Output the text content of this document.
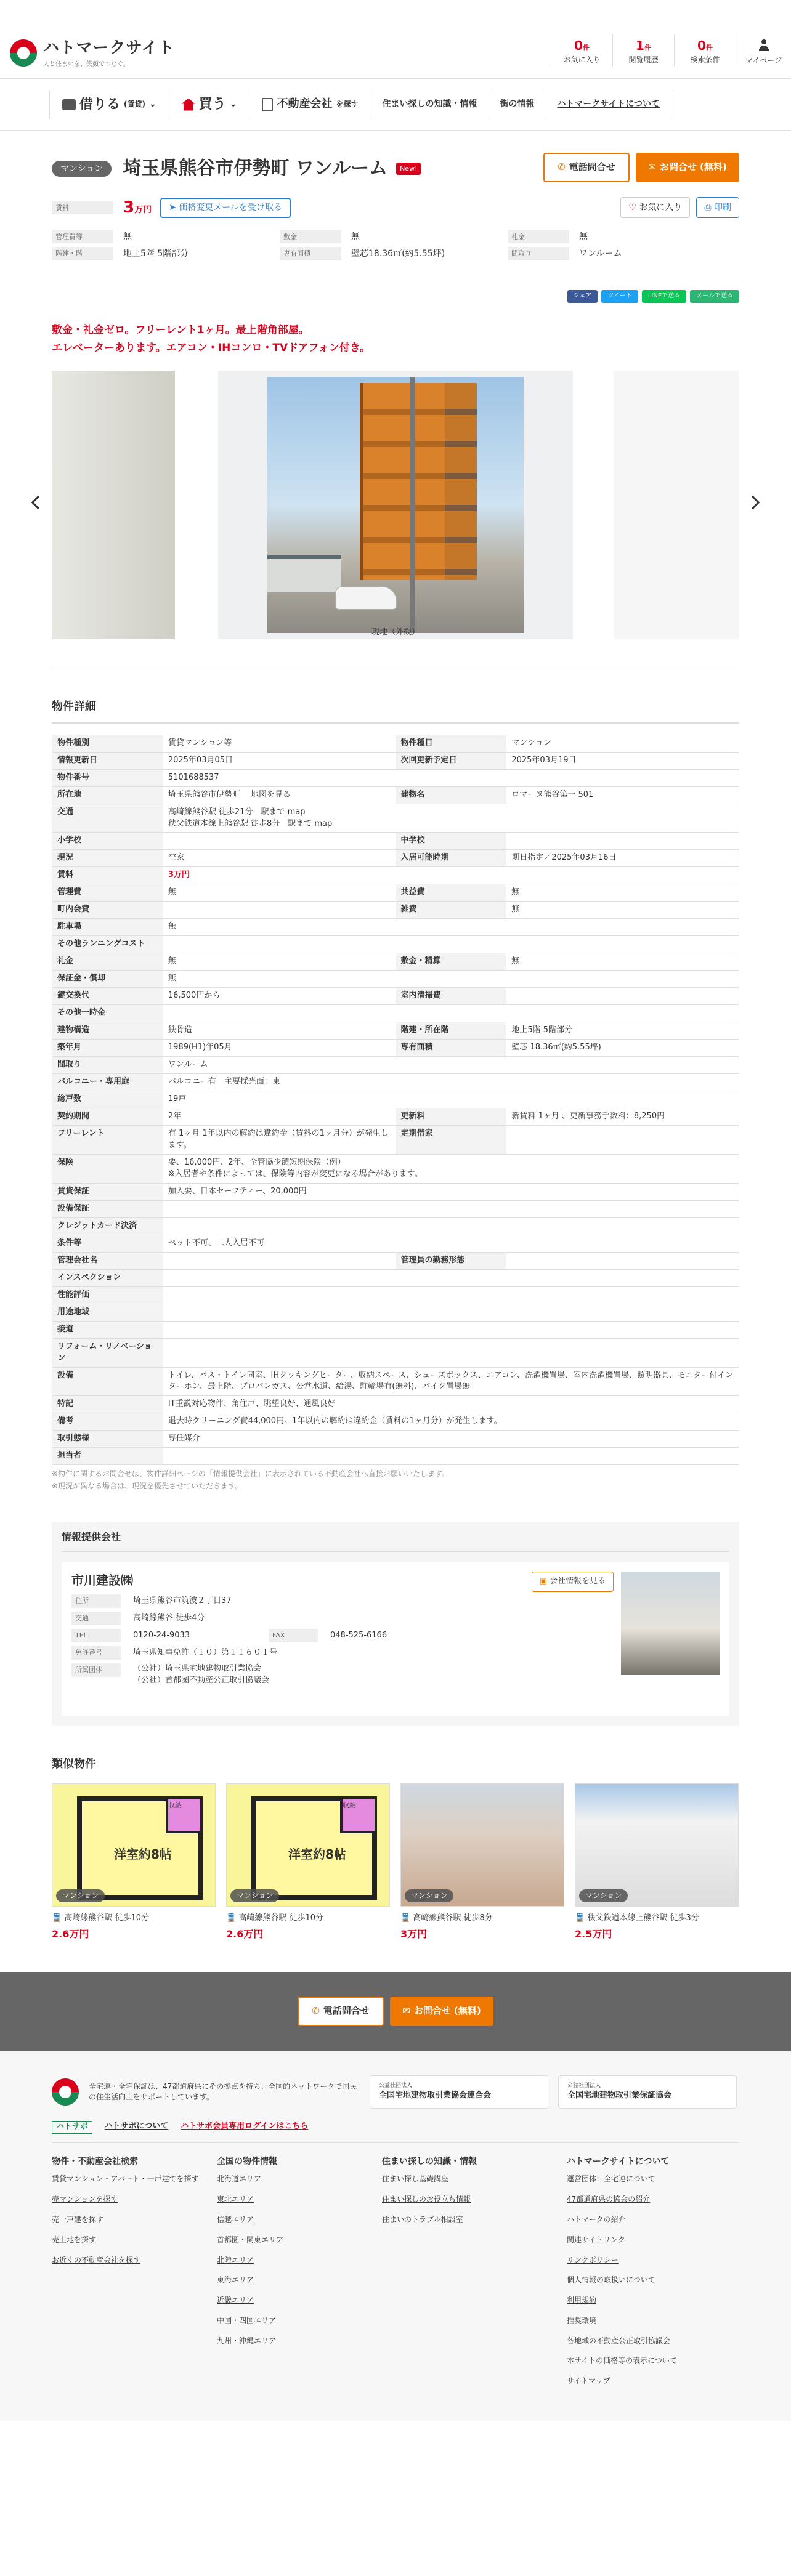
ハトマークサイト
人と住まいを、笑顔でつなぐ。
0件
お気に入り
1件
閲覧履歴
0件
検索条件	マイページ
借りる (賃貸) ⌄	買う ⌄	不動産会社 を探す	住まい探しの知識・情報	街の情報	ハトマークサイトについて
マンション	埼玉県熊谷市伊勢町 ワンルーム	New!	✆ 電話問合せ	✉ お問合せ (無料)
賃料	3万円	➤ 価格変更メールを受け取る	♡ お気に入り	⎙ 印刷
管理費等	無	敷金	無	礼金	無
階建・階	地上5階 5階部分	専有面積	壁芯18.36㎡(約5.55坪)	間取り	ワンルーム
シェア	ツイート	LINEで送る	メールで送る
敷金・礼金ゼロ。フリーレント1ヶ月。最上階角部屋。
エレベーターあります。エアコン・IHコンロ・TVドアフォン付き。
現地（外観）
物件詳細
物件種別	賃貸マンション等	物件種目	マンション
情報更新日	2025年03月05日	次回更新予定日	2025年03月19日
物件番号	5101688537		
所在地	埼玉県熊谷市伊勢町 　地図を見る	建物名	ロマーヌ熊谷第一 501
交通	高崎線熊谷駅 徒歩21分　駅まで map
秩父鉄道本線上熊谷駅 徒歩8分　駅まで map		
小学校		中学校	
現況	空家	入居可能時期	期日指定／2025年03月16日
賃料	3万円		
管理費	無	共益費	無
町内会費		雑費	無
駐車場	無		
その他ランニングコスト			
礼金	無	敷金・精算	無
保証金・償却	無		
鍵交換代	16,500円から	室内清掃費	
その他一時金			
建物構造	鉄骨造	階建・所在階	地上5階 5階部分
築年月	1989(H1)年05月	専有面積	壁芯 18.36㎡(約5.55坪)
間取り	ワンルーム		
バルコニー・専用庭	バルコニー有　主要採光面：東		
総戸数	19戸		
契約期間	2年	更新料	新賃料 1ヶ月 、更新事務手数料：8,250円
フリーレント	有 1ヶ月 1年以内の解約は違約金（賃料の1ヶ月分）が発生します。	定期借家	
保険	要、16,000円、2年、全管協少額短期保険（例）
※入居者や条件によっては、保険等内容が変更になる場合があります。		
賃貸保証	加入要、日本セーフティー、20,000円		
設備保証			
クレジットカード決済			
条件等	ペット不可、二人入居不可		
管理会社名		管理員の勤務形態	
インスペクション			
性能評価			
用途地域			
接道			
リフォーム・リノベーション			
設備	トイレ、バス・トイレ同室、IHクッキングヒーター、収納スペース、シューズボックス、エアコン、洗濯機置場、室内洗濯機置場、照明器具、モニター付インターホン、最上階、プロパンガス、公営水道、給湯、駐輪場有(無料)、バイク置場無		
特記	IT重説対応物件、角住戸、眺望良好、通風良好		
備考	退去時クリーニング費44,000円。1年以内の解約は違約金（賃料の1ヶ月分）が発生します。		
取引態様	専任媒介		
担当者			
※物件に関するお問合せは、物件詳細ページの「情報提供会社」に表示されている不動産会社へ直接お願いいたします。
※現況が異なる場合は、現況を優先させていただきます。
情報提供会社
市川建設㈱	▣ 会社情報を見る
住所	埼玉県熊谷市筑波２丁目37
交通	高崎線熊谷 徒歩4分
TEL	0120-24-9033	FAX	048-525-6166
免許番号	埼玉県知事免許（１０）第１１６０１号
所属団体	（公社）埼玉県宅地建物取引業協会
（公社）首都圏不動産公正取引協議会
類似物件
収納
洋室約8帖
マンション
🚆 高崎線熊谷駅 徒歩10分
2.6万円
収納
洋室約8帖
マンション
🚆 高崎線熊谷駅 徒歩10分
2.6万円
マンション
🚆 高崎線熊谷駅 徒歩8分
3万円
マンション
🚆 秩父鉄道本線上熊谷駅 徒歩3分
2.5万円
✆ 電話問合せ	✉ お問合せ (無料)
全宅連・全宅保証は、47都道府県にその拠点を持ち、全国的ネットワークで国民の住生活向上をサポートしています。
公益社団法人
全国宅地建物取引業協会連合会
公益社団法人
全国宅地建物取引業保証協会
ハトサポ	ハトサポについて ハトサポ会員専用ログインはこちら
物件・不動産会社検索
賃貸マンション・アパート・一戸建てを探す
売マンションを探す
売一戸建を探す
売土地を探す
お近くの不動産会社を探す
全国の物件情報
北海道エリア
東北エリア
信越エリア
首都圏・関東エリア
北陸エリア
東海エリア
近畿エリア
中国・四国エリア
九州・沖縄エリア
住まい探しの知識・情報
住まい探し基礎講座
住まい探しのお役立ち情報
住まいのトラブル相談室
ハトマークサイトについて
運営団体：全宅連について
47都道府県の協会の紹介
ハトマークの紹介
関連サイトリンク
リンクポリシー
個人情報の取扱いについて
利用規約
推奨環境
各地域の不動産公正取引協議会
本サイトの価格等の表示について
サイトマップ
